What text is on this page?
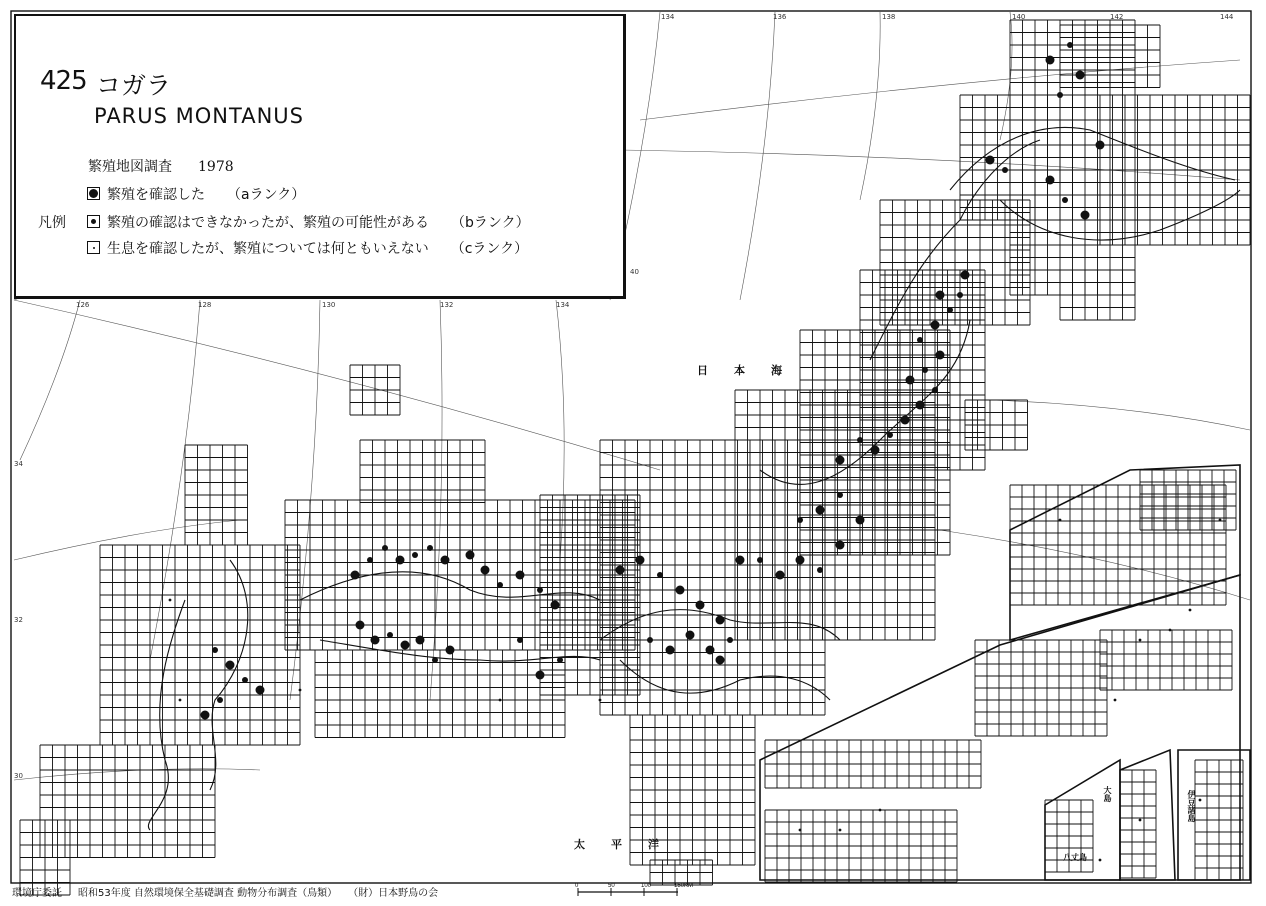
0	50	100	150KM
425 コガラ
PARUS MONTANUS
繁殖地図調査 1978
凡例
繁殖を確認した （aランク）
繁殖の確認はできなかったが、繁殖の可能性がある （bランク）
生息を確認したが、繁殖については何ともいえない （cランク）
日本海
太平洋
大島	伊豆諸島
八丈島
126	128	130	132	134
134	136	138	140	142	144
30
32
34
40
環境庁委託 昭和53年度 自然環境保全基礎調査 動物分布調査（鳥類） （財）日本野鳥の会
